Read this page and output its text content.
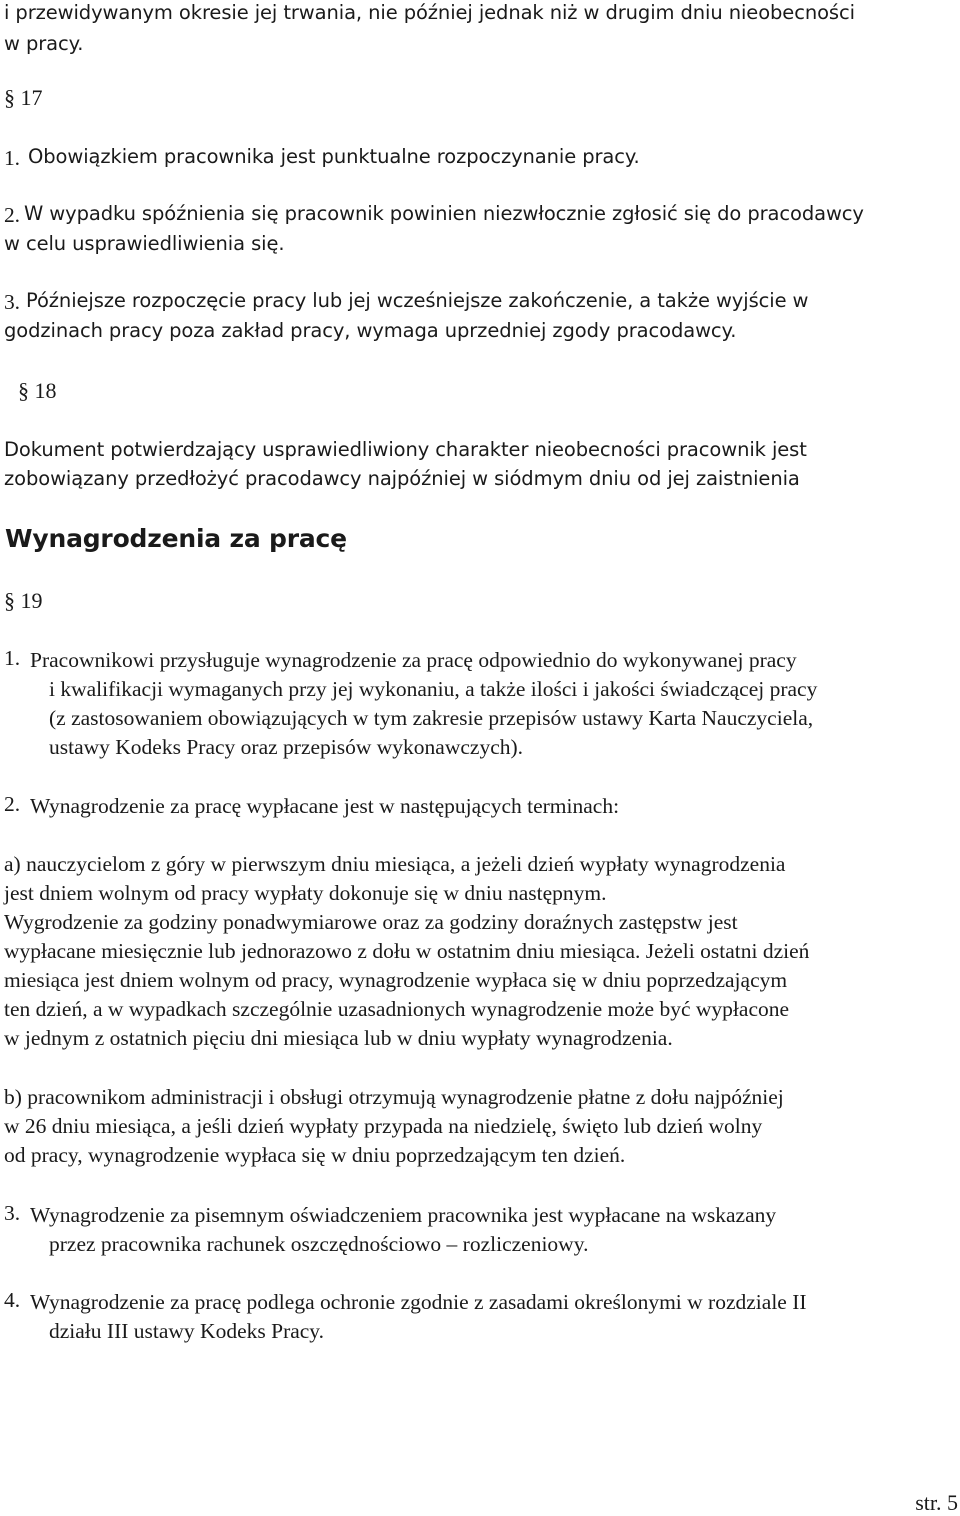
i przewidywanym okresie jej trwania, nie później jednak niż w drugim dniu nieobecności
w pracy.
§ 17
1. Obowiązkiem pracownika jest punktualne rozpoczynanie pracy.
2. W wypadku spóźnienia się pracownik powinien niezwłocznie zgłosić się do pracodawcy
w celu usprawiedliwienia się.
3. Późniejsze rozpoczęcie pracy lub jej wcześniejsze zakończenie, a także wyjście w
godzinach pracy poza zakład pracy, wymaga uprzedniej zgody pracodawcy.
§ 18
Dokument potwierdzający usprawiedliwiony charakter nieobecności pracownik jest
zobowiązany przedłożyć pracodawcy najpóźniej w siódmym dniu od jej zaistnienia
Wynagrodzenia za pracę
§ 19
1. Pracownikowi przysługuje wynagrodzenie za pracę odpowiednio do wykonywanej pracy
i kwalifikacji wymaganych przy jej wykonaniu, a także ilości i jakości świadczącej pracy
(z zastosowaniem obowiązujących w tym zakresie przepisów ustawy Karta Nauczyciela,
ustawy Kodeks Pracy oraz przepisów wykonawczych).
2. Wynagrodzenie za pracę wypłacane jest w następujących terminach:
a) nauczycielom z góry w pierwszym dniu miesiąca, a jeżeli dzień wypłaty wynagrodzenia
jest dniem wolnym od pracy wypłaty dokonuje się w dniu następnym.
Wygrodzenie za godziny ponadwymiarowe oraz za godziny doraźnych zastępstw jest
wypłacane miesięcznie lub jednorazowo z dołu w ostatnim dniu miesiąca. Jeżeli ostatni dzień
miesiąca jest dniem wolnym od pracy, wynagrodzenie wypłaca się w dniu poprzedzającym
ten dzień, a w wypadkach szczególnie uzasadnionych wynagrodzenie może być wypłacone
w jednym z ostatnich pięciu dni miesiąca lub w dniu wypłaty wynagrodzenia.
b) pracownikom administracji i obsługi otrzymują wynagrodzenie płatne z dołu najpóźniej
w 26 dniu miesiąca, a jeśli dzień wypłaty przypada na niedzielę, święto lub dzień wolny
od pracy, wynagrodzenie wypłaca się w dniu poprzedzającym ten dzień.
3. Wynagrodzenie za pisemnym oświadczeniem pracownika jest wypłacane na wskazany
przez pracownika rachunek oszczędnościowo – rozliczeniowy.
4. Wynagrodzenie za pracę podlega ochronie zgodnie z zasadami określonymi w rozdziale II
działu III ustawy Kodeks Pracy.
str. 5
